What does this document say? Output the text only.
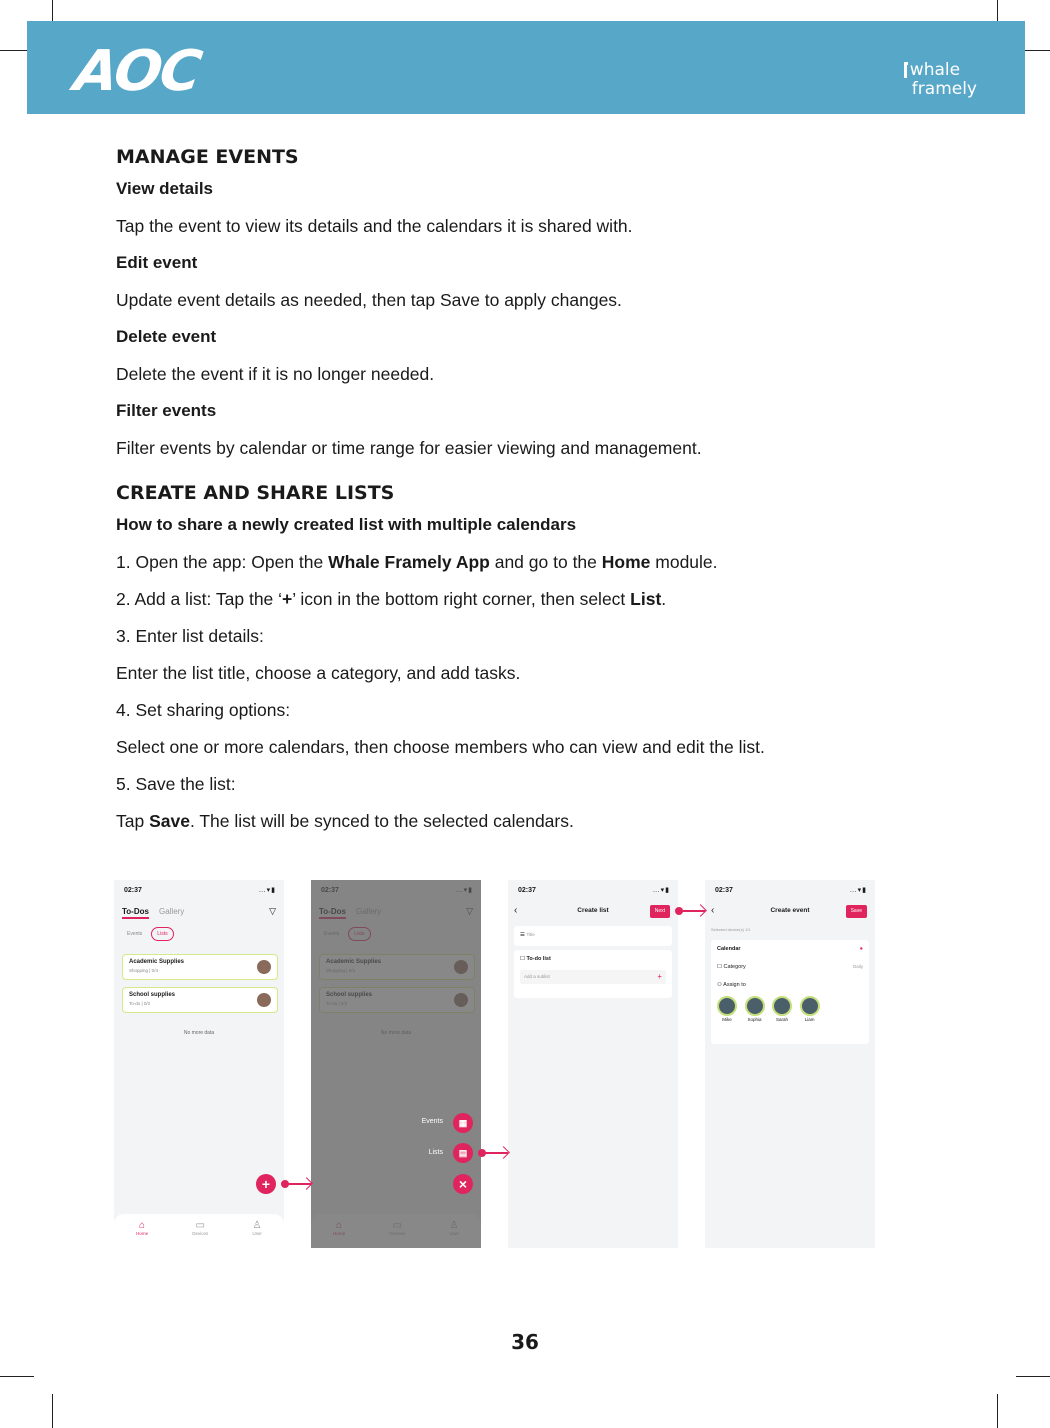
AOC	whale
framely
MANAGE EVENTS
View details
Tap the event to view its details and the calendars it is shared with.
Edit event
Update event details as needed, then tap Save to apply changes.
Delete event
Delete the event if it is no longer needed.
Filter events
Filter events by calendar or time range for easier viewing and management.
CREATE AND SHARE LISTS
How to share a newly created list with multiple calendars
1. Open the app: Open the Whale Framely App and go to the Home module.
2. Add a list: Tap the ‘+’ icon in the bottom right corner, then select List.
3. Enter list details:
Enter the list title, choose a category, and add tasks.
4. Set sharing options:
Select one or more calendars, then choose members who can view and edit the list.
5. Save the list:
Tap Save. The list will be synced to the selected calendars.
02:37	…▾▮
To-Dos Gallery	▽
Events	Lists
Academic Supplies
Shopping | 0/4
School supplies
To-do | 0/2
No more data
+
⌂
Home
▭
Devices
♙
User
Events	▦
Lists	▤
×
02:37	…▾▮
‹	Create list	Next
☰ Title
☐ To-do list
Add a sublist	+
02:37	…▾▮
‹	Create event	Save
Selected device(s) 1/1
Calendar	●
☐ Category	Daily
⚇ Assign to

Mike	Sophia	Sarah	Liam
36
